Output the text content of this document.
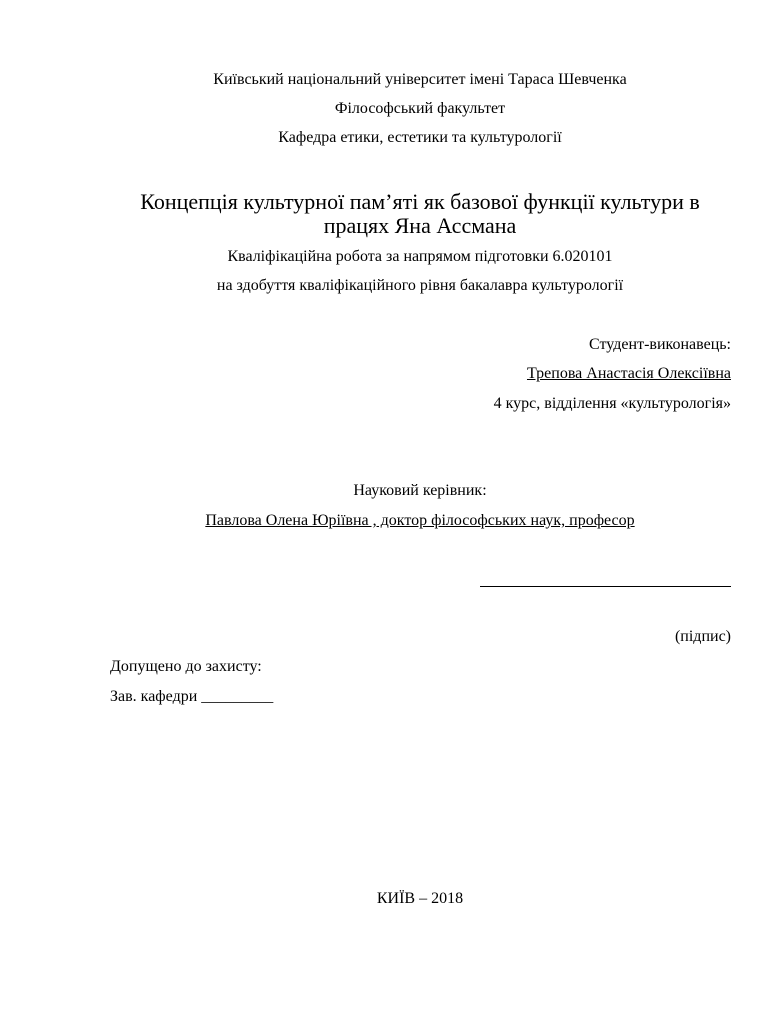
Київський національний університет імені Тараса Шевченка
Філософський факультет
Кафедра етики, естетики та культурології
Концепція культурної пам’яті як базової функції культури в
працях Яна Ассмана
Кваліфікаційна робота за напрямом підготовки 6.020101
на здобуття кваліфікаційного рівня бакалавра культурології
Студент-виконавець:
Трепова Анастасія Олексіївна
4 курс, відділення «культурологія»
Науковий керівник:
Павлова Олена Юріївна , доктор філософських наук, професор
(підпис)
Допущено до захисту:
Зав. кафедри _________
КИЇВ – 2018
